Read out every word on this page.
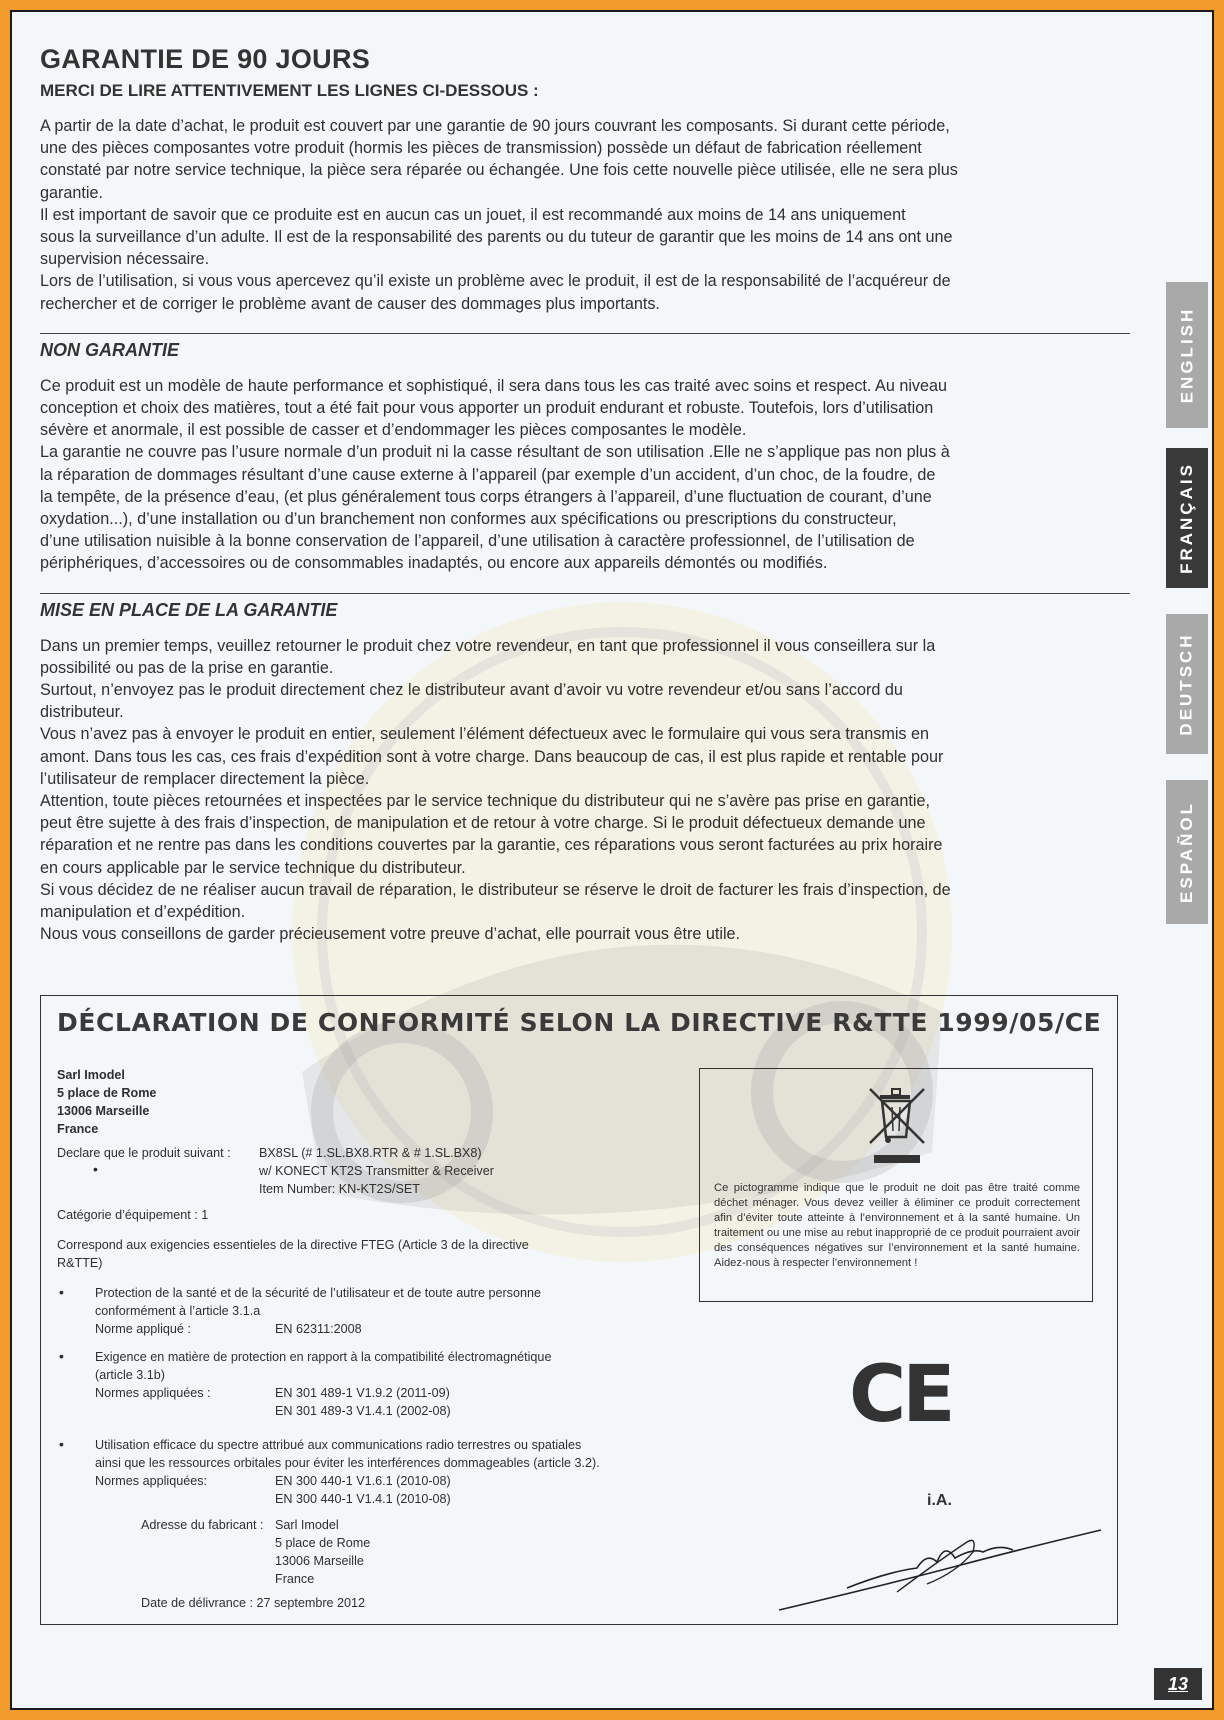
GARANTIE DE 90 JOURS
MERCI DE LIRE ATTENTIVEMENT LES LIGNES CI-DESSOUS :

A partir de la date d’achat, le produit est couvert par une garantie de 90 jours couvrant les composants. Si durant cette période,

une des pièces composantes votre produit (hormis les pièces de transmission) possède un défaut de fabrication réellement

constaté par notre service technique, la pièce sera réparée ou échangée. Une fois cette nouvelle pièce utilisée, elle ne sera plus

garantie.

Il est important de savoir que ce produite est en aucun cas un jouet, il est recommandé aux moins de 14 ans uniquement

sous la surveillance d’un adulte. Il est de la responsabilité des parents ou du tuteur de garantir que les moins de 14 ans ont une

supervision nécessaire.

Lors de l’utilisation, si vous vous apercevez qu’il existe un problème avec le produit, il est de la responsabilité de l’acquéreur de

rechercher et de corriger le problème avant de causer des dommages plus importants.

NON GARANTIE

Ce produit est un modèle de haute performance et sophistiqué, il sera dans tous les cas traité avec soins et respect. Au niveau

conception et choix des matières, tout a été fait pour vous apporter un produit endurant et robuste. Toutefois, lors d’utilisation

sévère et anormale, il est possible de casser et d’endommager les pièces composantes le modèle.

La garantie ne couvre pas l’usure normale d’un produit ni la casse résultant de son utilisation .Elle ne s’applique pas non plus à

la réparation de dommages résultant d’une cause externe à l’appareil (par exemple d’un accident, d’un choc, de la foudre, de

la tempête, de la présence d’eau, (et plus généralement tous corps étrangers à l’appareil, d’une fluctuation de courant, d’une

oxydation...), d’une installation ou d’un branchement non conformes aux spécifications ou prescriptions du constructeur,

d’une utilisation nuisible à la bonne conservation de l’appareil, d’une utilisation à caractère professionnel, de l’utilisation de

périphériques, d’accessoires ou de consommables inadaptés, ou encore aux appareils démontés ou modifiés.

MISE EN PLACE DE LA GARANTIE

Dans un premier temps, veuillez retourner le produit chez votre revendeur, en tant que professionnel il vous conseillera sur la

possibilité ou pas de la prise en garantie.

Surtout, n’envoyez pas le produit directement chez le distributeur avant d’avoir vu votre revendeur et/ou sans l’accord du

distributeur.

Vous n’avez pas à envoyer le produit en entier, seulement l’élément défectueux avec le formulaire qui vous sera transmis en

amont. Dans tous les cas, ces frais d’expédition sont à votre charge. Dans beaucoup de cas, il est plus rapide et rentable pour

l’utilisateur de remplacer directement la pièce.

Attention, toute pièces retournées et inspectées par le service technique du distributeur qui ne s’avère pas prise en garantie,

peut être sujette à des frais d’inspection, de manipulation et de retour à votre charge. Si le produit défectueux demande une

réparation et ne rentre pas dans les conditions couvertes par la garantie, ces réparations vous seront facturées au prix horaire

en cours applicable par le service technique du distributeur.

Si vous décidez de ne réaliser aucun travail de réparation, le distributeur se réserve le droit de facturer les frais d’inspection, de

manipulation et d’expédition.

Nous vous conseillons de garder précieusement votre preuve d’achat, elle pourrait vous être utile.

ENGLISH
FRANÇAIS
DEUTSCH
ESPAÑOL
DÉCLARATION DE CONFORMITÉ SELON LA DIRECTIVE R&TTE 1999/05/CE
Sarl Imodel
5 place de Rome
13006 Marseille
France
Declare que le produit suivant :
•
BX8SL (# 1.SL.BX8.RTR & # 1.SL.BX8)
w/ KONECT KT2S Transmitter & Receiver
Item Number: KN-KT2S/SET
Catégorie d’équipement : 1
Correspond aux exigencies essentieles de la directive FTEG (Article 3 de la directive
R&TTE)
• Protection de la santé et de la sécurité de l’utilisateur et de toute autre personne
conformément à l’article 3.1.a
Norme appliqué :	EN 62311:2008
• Exigence en matière de protection en rapport à la compatibilité électromagnétique
(article 3.1b)
Normes appliquées :	EN 301 489-1 V1.9.2 (2011-09)
EN 301 489-3 V1.4.1 (2002-08)
• Utilisation efficace du spectre attribué aux communications radio terrestres ou spatiales
ainsi que les ressources orbitales pour éviter les interférences dommageables (article 3.2).
Normes appliquées:	EN 300 440-1 V1.6.1 (2010-08)
EN 300 440-1 V1.4.1 (2010-08)
Adresse du fabricant : Sarl Imodel
5 place de Rome
13006 Marseille
France
Date de délivrance : 27 septembre 2012
Ce pictogramme indique que le produit ne doit pas être traité comme déchet ménager. Vous devez veiller à éliminer ce produit correctement afin d’éviter toute atteinte à l’environnement et à la santé humaine. Un traitement ou une mise au rebut inapproprié de ce produit pourraient avoir des conséquences négatives sur l’environnement et la santé humaine. Aidez-nous à respecter l’environnement !
CE
i.A.
13
